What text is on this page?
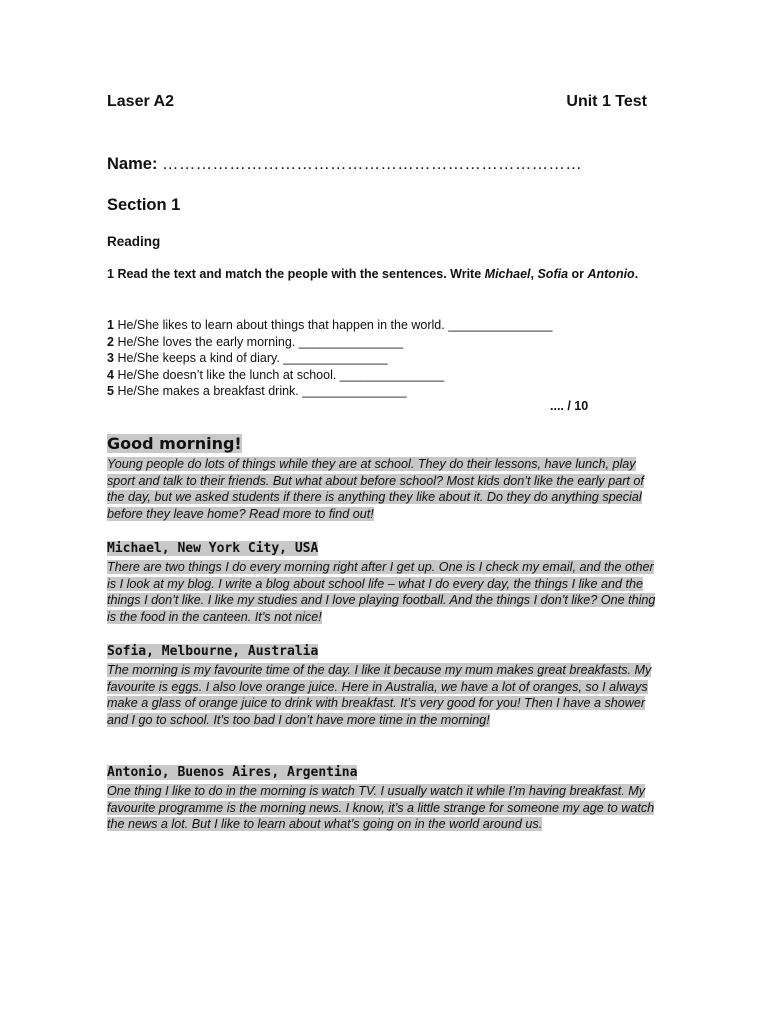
Laser A2	Unit 1 Test
Name: …………………………………………………………………
Section 1
Reading
1 Read the text and match the people with the sentences. Write Michael, Sofia or Antonio.
1 He/She likes to learn about things that happen in the world. _______________
2 He/She loves the early morning. _______________
3 He/She keeps a kind of diary. _______________
4 He/She doesn’t like the lunch at school. _______________
5 He/She makes a breakfast drink. _______________
.... / 10
Good morning!
Young people do lots of things while they are at school. They do their lessons, have lunch, play sport and talk to their friends. But what about before school? Most kids don’t like the early part of the day, but we asked students if there is anything they like about it. Do they do anything special before they leave home? Read more to find out!
Michael, New York City, USA
There are two things I do every morning right after I get up. One is I check my email, and the other is I look at my blog. I write a blog about school life – what I do every day, the things I like and the things I don’t like. I like my studies and I love playing football. And the things I don’t like? One thing is the food in the canteen. It’s not nice!
Sofia, Melbourne, Australia
The morning is my favourite time of the day. I like it because my mum makes great breakfasts. My favourite is eggs. I also love orange juice. Here in Australia, we have a lot of oranges, so I always make a glass of orange juice to drink with breakfast. It’s very good for you! Then I have a shower and I go to school. It’s too bad I don’t have more time in the morning!
Antonio, Buenos Aires, Argentina
One thing I like to do in the morning is watch TV. I usually watch it while I’m having breakfast. My favourite programme is the morning news. I know, it’s a little strange for someone my age to watch the news a lot. But I like to learn about what’s going on in the world around us.
